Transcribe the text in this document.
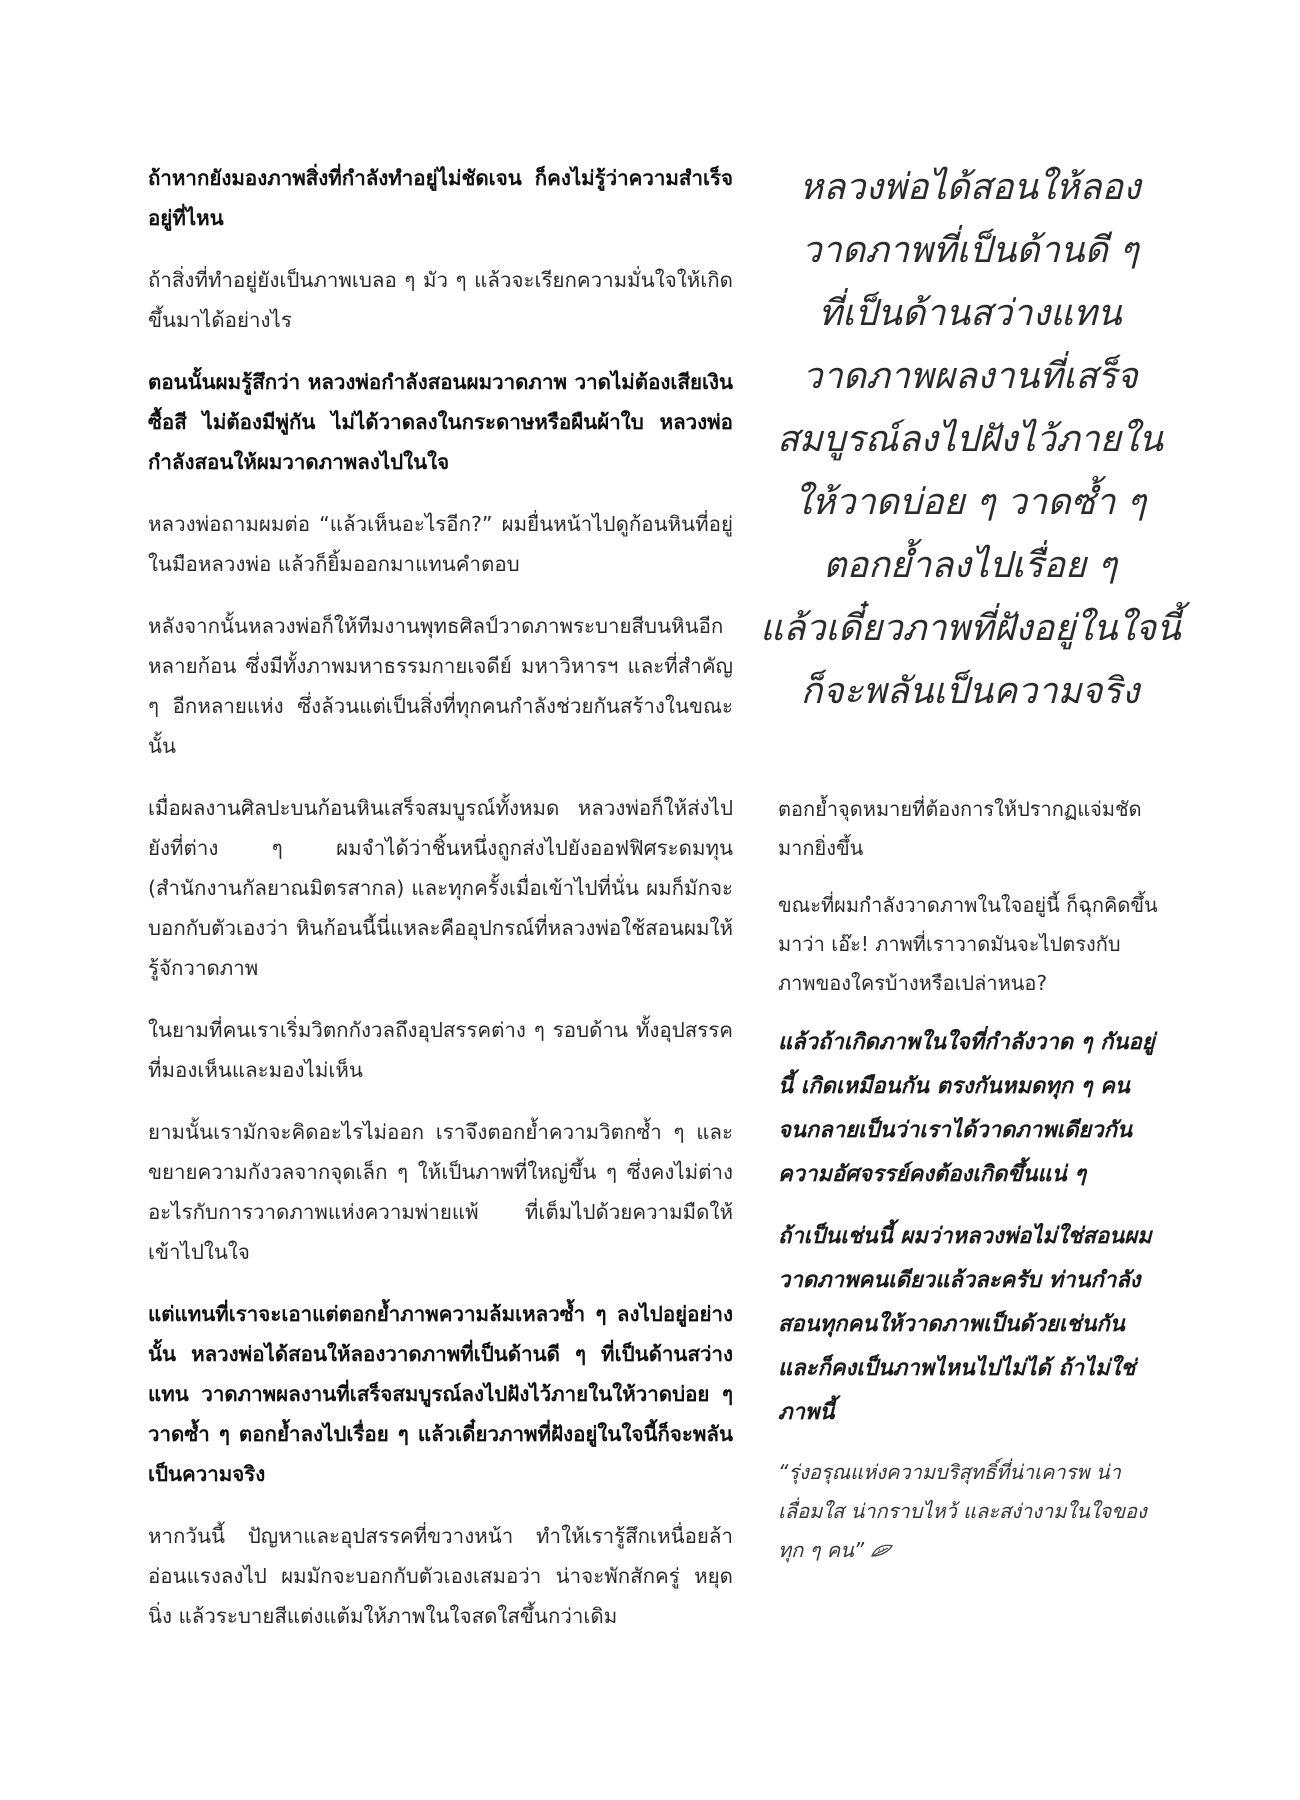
ถ้าหากยังมองภาพสิ่งที่กำลังทำอยู่ไม่ชัดเจน ก็คงไม่รู้ว่าความสำเร็จอยู่ที่ไหน

ถ้าสิ่งที่ทำอยู่ยังเป็นภาพเบลอ ๆ มัว ๆ แล้วจะเรียกความมั่นใจให้เกิดขึ้นมาได้อย่างไร

ตอนนั้นผมรู้สึกว่า หลวงพ่อกำลังสอนผมวาดภาพ วาดไม่ต้องเสียเงินซื้อสี ไม่ต้องมีพู่กัน ไม่ได้วาดลงในกระดาษหรือผืนผ้าใบ หลวงพ่อกำลังสอนให้ผมวาดภาพลงไปในใจ

หลวงพ่อถามผมต่อ “แล้วเห็นอะไรอีก?” ผมยื่นหน้าไปดูก้อนหินที่อยู่ในมือหลวงพ่อ แล้วก็ยิ้มออกมาแทนคำตอบ

หลังจากนั้นหลวงพ่อก็ให้ทีมงานพุทธศิลป์วาดภาพระบายสีบนหินอีกหลายก้อน ซึ่งมีทั้งภาพมหาธรรมกายเจดีย์ มหาวิหารฯ และที่สำคัญ ๆ อีกหลายแห่ง ซึ่งล้วนแต่เป็นสิ่งที่ทุกคนกำลังช่วยกันสร้างในขณะนั้น

เมื่อผลงานศิลปะบนก้อนหินเสร็จสมบูรณ์ทั้งหมด หลวงพ่อก็ให้ส่งไปยังที่ต่าง ๆ ผมจำได้ว่าชิ้นหนึ่งถูกส่งไปยังออฟฟิศระดมทุน (สำนักงานกัลยาณมิตรสากล) และทุกครั้งเมื่อเข้าไปที่นั่น ผมก็มักจะบอกกับตัวเองว่า หินก้อนนี้นี่แหละคืออุปกรณ์ที่หลวงพ่อใช้สอนผมให้รู้จักวาดภาพ

ในยามที่คนเราเริ่มวิตกกังวลถึงอุปสรรคต่าง ๆ รอบด้าน ทั้งอุปสรรคที่มองเห็นและมองไม่เห็น

ยามนั้นเรามักจะคิดอะไรไม่ออก เราจึงตอกย้ำความวิตกซ้ำ ๆ และขยายความกังวลจากจุดเล็ก ๆ ให้เป็นภาพที่ใหญ่ขึ้น ๆ ซึ่งคงไม่ต่างอะไรกับการวาดภาพแห่งความพ่ายแพ้ ที่เต็มไปด้วยความมืดให้เข้าไปในใจ

แต่แทนที่เราจะเอาแต่ตอกย้ำภาพความล้มเหลวซ้ำ ๆ ลงไปอยู่อย่างนั้น หลวงพ่อได้สอนให้ลองวาดภาพที่เป็นด้านดี ๆ ที่เป็นด้านสว่างแทน วาดภาพผลงานที่เสร็จสมบูรณ์ลงไปฝังไว้ภายในให้วาดบ่อย ๆ วาดซ้ำ ๆ ตอกย้ำลงไปเรื่อย ๆ แล้วเดี๋ยวภาพที่ฝังอยู่ในใจนี้ก็จะพลันเป็นความจริง

หากวันนี้ ปัญหาและอุปสรรคที่ขวางหน้า ทำให้เรารู้สึกเหนื่อยล้าอ่อนแรงลงไป ผมมักจะบอกกับตัวเองเสมอว่า น่าจะพักสักครู่ หยุดนิ่ง แล้วระบายสีแต่งแต้มให้ภาพในใจสดใสขึ้นกว่าเดิม

หลวงพ่อได้สอนให้ลอง
วาดภาพที่เป็นด้านดี ๆ
ที่เป็นด้านสว่างแทน
วาดภาพผลงานที่เสร็จ
สมบูรณ์ลงไปฝังไว้ภายใน
ให้วาดบ่อย ๆ วาดซ้ำ ๆ
ตอกย้ำลงไปเรื่อย ๆ
แล้วเดี๋ยวภาพที่ฝังอยู่ในใจนี้
ก็จะพลันเป็นความจริง

ตอกย้ำจุดหมายที่ต้องการให้ปรากฏแจ่มชัดมากยิ่งขึ้น

ขณะที่ผมกำลังวาดภาพในใจอยู่นี้ ก็ฉุกคิดขึ้นมาว่า เอ๊ะ! ภาพที่เราวาดมันจะไปตรงกับภาพของใครบ้างหรือเปล่าหนอ?

แล้วถ้าเกิดภาพในใจที่กำลังวาด ๆ กันอยู่นี้ เกิดเหมือนกัน ตรงกันหมดทุก ๆ คน จนกลายเป็นว่าเราได้วาดภาพเดียวกัน ความอัศจรรย์คงต้องเกิดขึ้นแน่ ๆ

ถ้าเป็นเช่นนี้ ผมว่าหลวงพ่อไม่ใช่สอนผมวาดภาพคนเดียวแล้วละครับ ท่านกำลังสอนทุกคนให้วาดภาพเป็นด้วยเช่นกัน และก็คงเป็นภาพไหนไปไม่ได้ ถ้าไม่ใช่ภาพนี้

“รุ่งอรุณแห่งความบริสุทธิ์ที่น่าเคารพ น่าเลื่อมใส น่ากราบไหว้ และสง่างามในใจของทุก ๆ คน”
